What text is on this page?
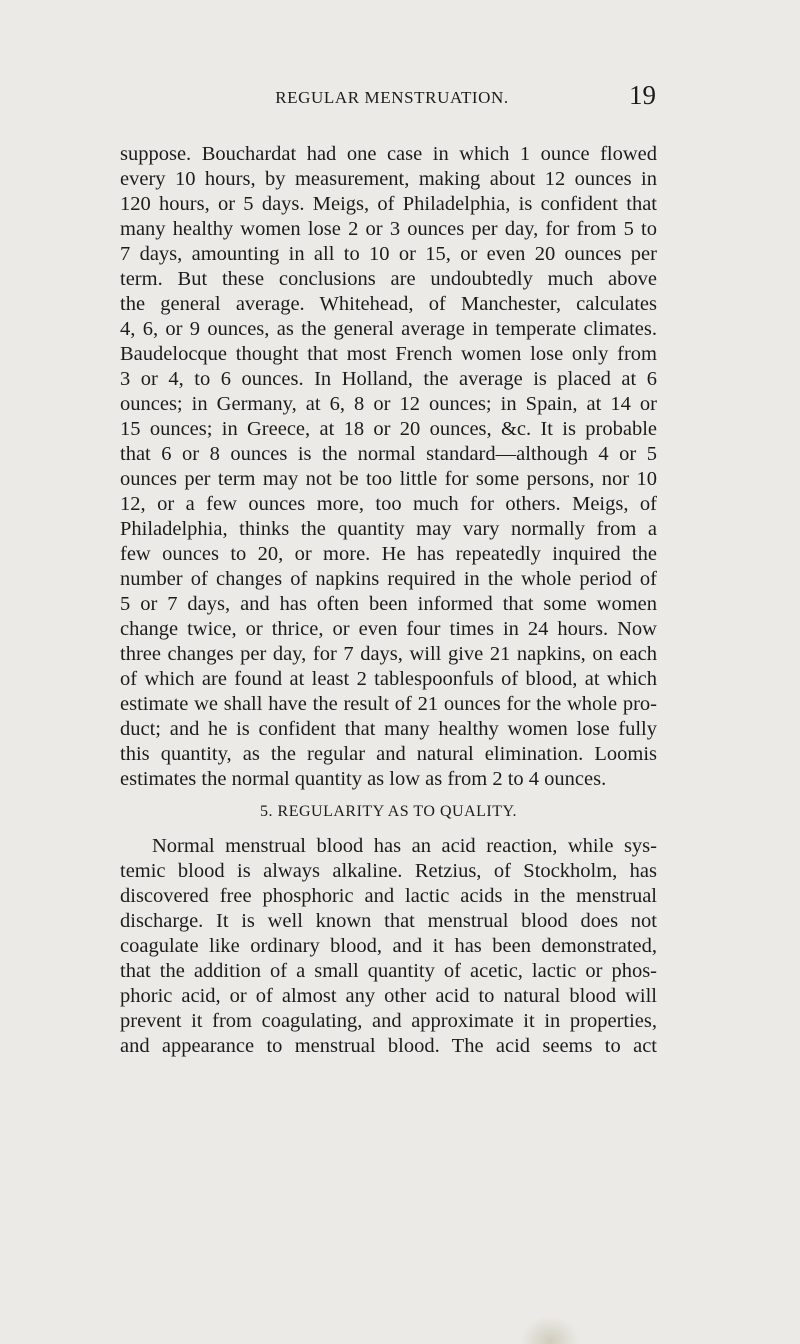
REGULAR MENSTRUATION.	19
suppose. Bouchardat had one case in which 1 ounce flowed
every 10 hours, by measurement, making about 12 ounces in
120 hours, or 5 days. Meigs, of Philadelphia, is confident that
many healthy women lose 2 or 3 ounces per day, for from 5 to
7 days, amounting in all to 10 or 15, or even 20 ounces per
term. But these conclusions are undoubtedly much above
the general average. Whitehead, of Manchester, calculates
4, 6, or 9 ounces, as the general average in temperate climates.
Baudelocque thought that most French women lose only from
3 or 4, to 6 ounces. In Holland, the average is placed at 6
ounces; in Germany, at 6, 8 or 12 ounces; in Spain, at 14 or
15 ounces; in Greece, at 18 or 20 ounces, &c. It is probable
that 6 or 8 ounces is the normal standard—although 4 or 5
ounces per term may not be too little for some persons, nor 10
12, or a few ounces more, too much for others. Meigs, of
Philadelphia, thinks the quantity may vary normally from a
few ounces to 20, or more. He has repeatedly inquired the
number of changes of napkins required in the whole period of
5 or 7 days, and has often been informed that some women
change twice, or thrice, or even four times in 24 hours. Now
three changes per day, for 7 days, will give 21 napkins, on each
of which are found at least 2 tablespoonfuls of blood, at which
estimate we shall have the result of 21 ounces for the whole pro-
duct; and he is confident that many healthy women lose fully
this quantity, as the regular and natural elimination. Loomis
estimates the normal quantity as low as from 2 to 4 ounces.
5. REGULARITY AS TO QUALITY.
Normal menstrual blood has an acid reaction, while sys-
temic blood is always alkaline. Retzius, of Stockholm, has
discovered free phosphoric and lactic acids in the menstrual
discharge. It is well known that menstrual blood does not
coagulate like ordinary blood, and it has been demonstrated,
that the addition of a small quantity of acetic, lactic or phos-
phoric acid, or of almost any other acid to natural blood will
prevent it from coagulating, and approximate it in properties,
and appearance to menstrual blood. The acid seems to act
